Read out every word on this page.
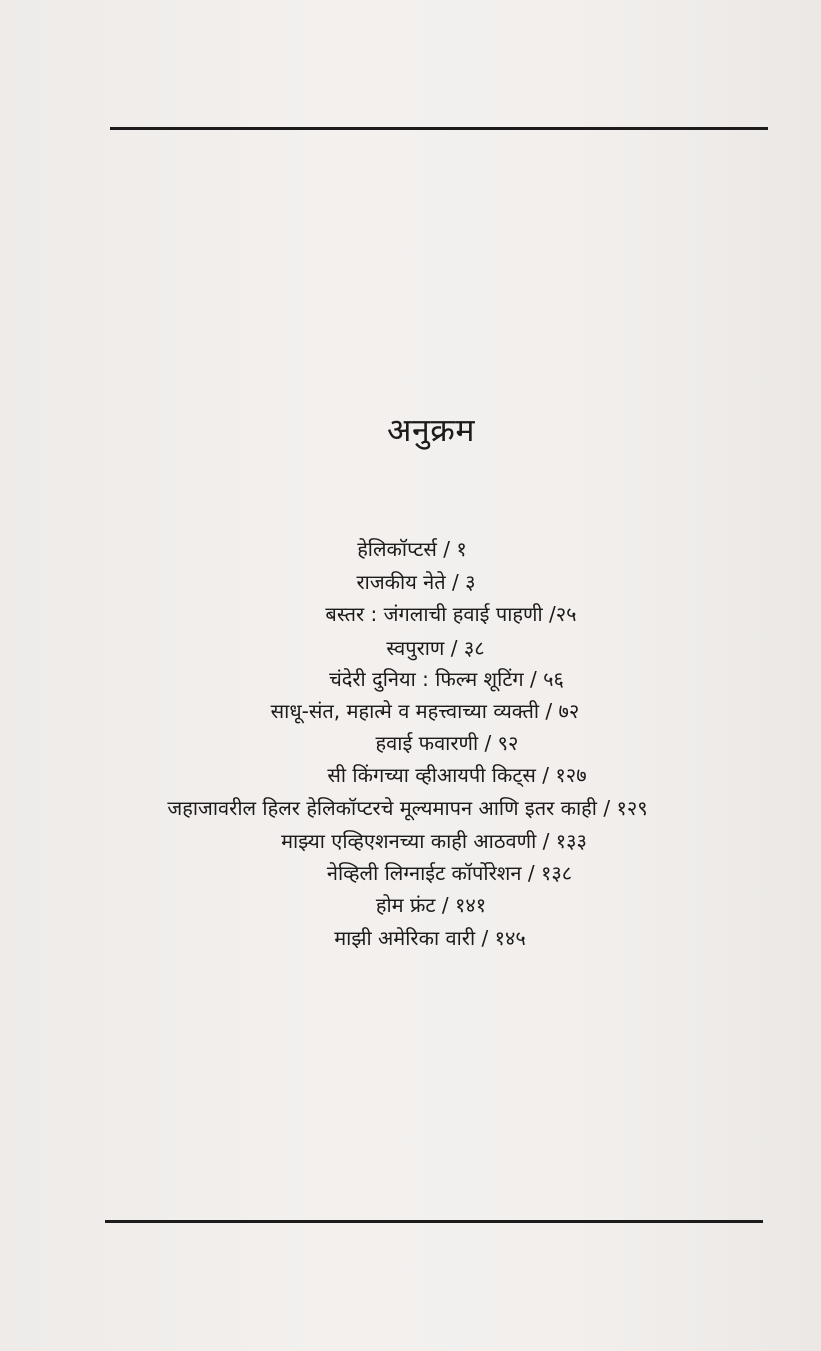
अनुक्रम
हेलिकॉप्टर्स / १
राजकीय नेते / ३
बस्तर : जंगलाची हवाई पाहणी /२५
स्वपुराण / ३८
चंदेरी दुनिया : फिल्म शूटिंग / ५६
साधू-संत, महात्मे व महत्त्वाच्या व्यक्ती / ७२
हवाई फवारणी / ९२
सी किंगच्या व्हीआयपी किट्स / १२७
जहाजावरील हिलर हेलिकॉप्टरचे मूल्यमापन आणि इतर काही / १२९
माझ्या एव्हिएशनच्या काही आठवणी / १३३
नेव्हिली लिग्नाईट कॉर्पोरेशन / १३८
होम फ्रंट / १४१
माझी अमेरिका वारी / १४५
